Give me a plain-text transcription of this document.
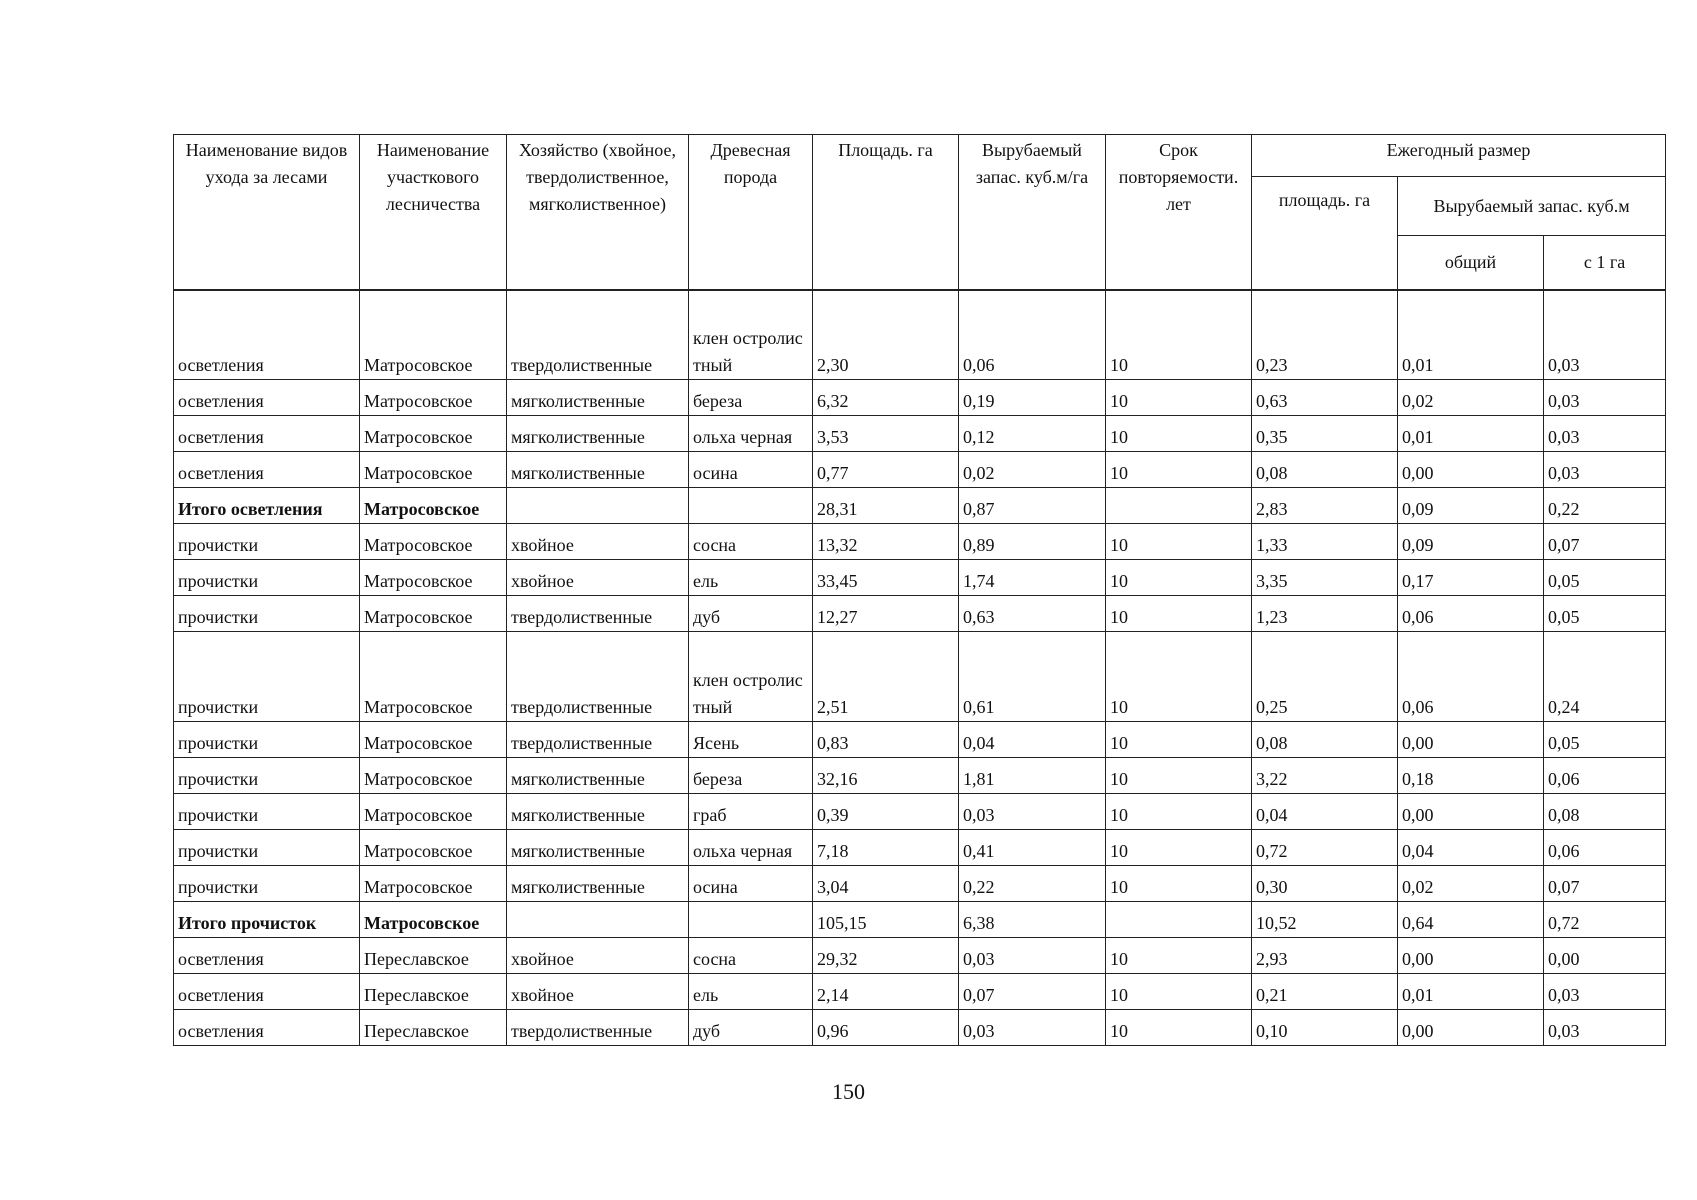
Наименование видов ухода за лесами	Наименование участкового лесничества	Хозяйство (хвойное, твердолиственное, мягколиственное)	Древесная порода	Площадь. га	Вырубаемый запас. куб.м/га	Срок повторяемости. лет	Ежегодный размер		
							площадь. га	Вырубаемый запас. куб.м	
								общий	с 1 га
осветления	Матросовское	твердолиственные	клен остролистный	2,30	0,06	10	0,23	0,01	0,03
осветления	Матросовское	мягколиственные	береза	6,32	0,19	10	0,63	0,02	0,03
осветления	Матросовское	мягколиственные	ольха черная	3,53	0,12	10	0,35	0,01	0,03
осветления	Матросовское	мягколиственные	осина	0,77	0,02	10	0,08	0,00	0,03
Итого осветления	Матросовское			28,31	0,87		2,83	0,09	0,22
прочистки	Матросовское	хвойное	сосна	13,32	0,89	10	1,33	0,09	0,07
прочистки	Матросовское	хвойное	ель	33,45	1,74	10	3,35	0,17	0,05
прочистки	Матросовское	твердолиственные	дуб	12,27	0,63	10	1,23	0,06	0,05
прочистки	Матросовское	твердолиственные	клен остролистный	2,51	0,61	10	0,25	0,06	0,24
прочистки	Матросовское	твердолиственные	Ясень	0,83	0,04	10	0,08	0,00	0,05
прочистки	Матросовское	мягколиственные	береза	32,16	1,81	10	3,22	0,18	0,06
прочистки	Матросовское	мягколиственные	граб	0,39	0,03	10	0,04	0,00	0,08
прочистки	Матросовское	мягколиственные	ольха черная	7,18	0,41	10	0,72	0,04	0,06
прочистки	Матросовское	мягколиственные	осина	3,04	0,22	10	0,30	0,02	0,07
Итого прочисток	Матросовское			105,15	6,38		10,52	0,64	0,72
осветления	Переславское	хвойное	сосна	29,32	0,03	10	2,93	0,00	0,00
осветления	Переславское	хвойное	ель	2,14	0,07	10	0,21	0,01	0,03
осветления	Переславское	твердолиственные	дуб	0,96	0,03	10	0,10	0,00	0,03
150
